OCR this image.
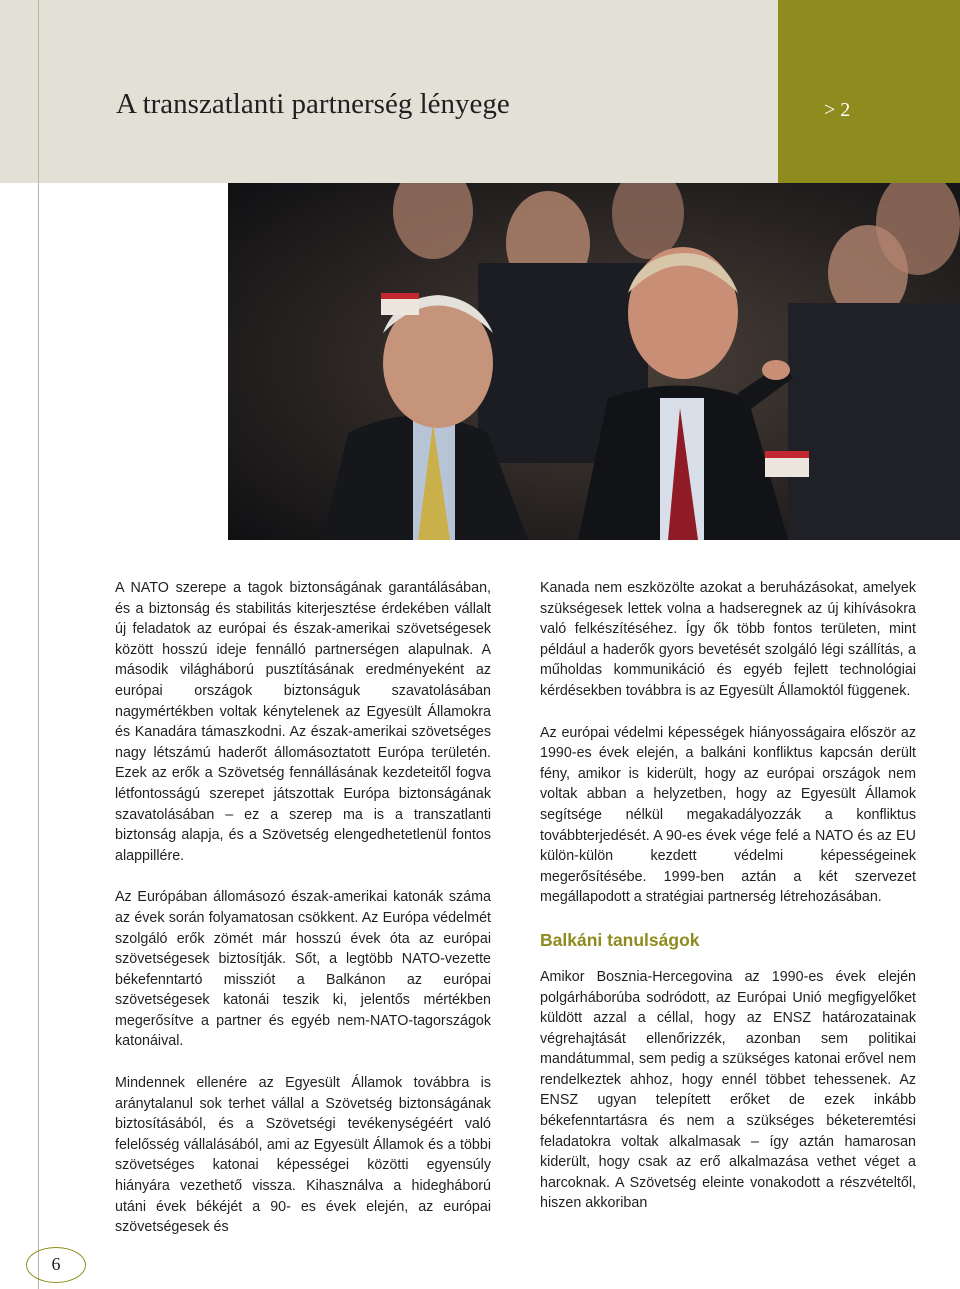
A transzatlanti partnerség lényege	> 2

A NATO szerepe a tagok biztonságának garantálásában, és a biztonság és stabilitás kiterjesztése érdekében vállalt új feladatok az európai és észak-amerikai szövetségesek között hosszú ideje fennálló partnerségen alapulnak. A második világháború pusztításának eredményeként az európai országok biztonságuk szavatolásában nagymértékben voltak kénytelenek az Egyesült Államokra és Kanadára támaszkodni. Az észak-amerikai szövetséges nagy létszámú haderőt állomásoztatott Európa területén. Ezek az erők a Szövetség fennállásának kezdeteitől fogva létfontosságú szerepet játszottak Európa biztonságának szavatolásában – ez a szerep ma is a transzatlanti biztonság alapja, és a Szövetség elengedhetetlenül fontos alappillére.

Az Európában állomásozó észak-amerikai katonák száma az évek során folyamatosan csökkent. Az Európa védelmét szolgáló erők zömét már hosszú évek óta az európai szövetségesek biztosítják. Sőt, a legtöbb NATO-vezette békefenntartó missziót a Balkánon az európai szövetségesek katonái teszik ki, jelentős mértékben megerősítve a partner és egyéb nem-NATO-tagországok katonáival.

Mindennek ellenére az Egyesült Államok továbbra is aránytalanul sok terhet vállal a Szövetség biztonságának biztosításából, és a Szövetségi tevékenységéért való felelősség vállalásából, ami az Egyesült Államok és a többi szövetséges katonai képességei közötti egyensúly hiányára vezethető vissza. Kihasználva a hidegháború utáni évek békéjét a 90- es évek elején, az európai szövetségesek és

Kanada nem eszközölte azokat a beruházásokat, amelyek szükségesek lettek volna a hadseregnek az új kihívásokra való felkészítéséhez. Így ők több fontos területen, mint például a haderők gyors bevetését szolgáló légi szállítás, a műholdas kommunikáció és egyéb fejlett technológiai kérdésekben továbbra is az Egyesült Államoktól függenek.

Az európai védelmi képességek hiányosságaira először az 1990-es évek elején, a balkáni konfliktus kapcsán derült fény, amikor is kiderült, hogy az európai országok nem voltak abban a helyzetben, hogy az Egyesült Államok segítsége nélkül megakadályozzák a konfliktus továbbterjedését. A 90-es évek vége felé a NATO és az EU külön-külön kezdett védelmi képességeinek megerősítésébe. 1999-ben aztán a két szervezet megállapodott a stratégiai partnerség létrehozásában.

Balkáni tanulságok

Amikor Bosznia-Hercegovina az 1990-es évek elején polgárháborúba sodródott, az Európai Unió megfigyelőket küldött azzal a céllal, hogy az ENSZ határozatainak végrehajtását ellenőrizzék, azonban sem politikai mandátummal, sem pedig a szükséges katonai erővel nem rendelkeztek ahhoz, hogy ennél többet tehessenek. Az ENSZ ugyan telepített erőket de ezek inkább békefenntartásra és nem a szükséges béketeremtési feladatokra voltak alkalmasak – így aztán hamarosan kiderült, hogy csak az erő alkalmazása vethet véget a harcoknak. A Szövetség eleinte vonakodott a részvételtől, hiszen akkoriban

6
